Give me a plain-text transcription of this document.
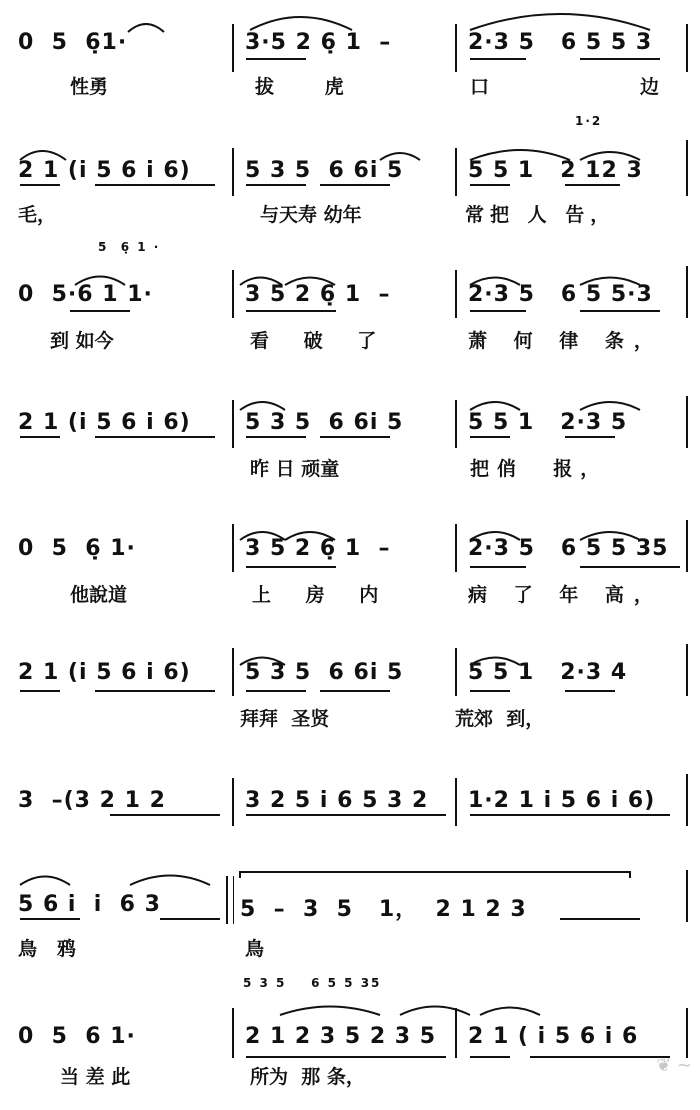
0  5  6̣1·	3·5 2 6̣ 1  –	2·3 5   6 5 5 3
性勇	拔 虎	口	边
1·2
2 1 (i 5 6 i 6) 5 3 5  6 6i 5	5 5 1   2 12 3
毛，	与天寿 幼年	常把 人 告，
5  6̣ 1 ·
0  5·6 1 1·	3 5 2 6̣ 1  –	2·3 5   6 5 5·3
到 如今	看 破 了	萧 何 律 条，
2 1 (i 5 6 i 6) 5 3 5  6 6i 5	5 5 1   2·3 5
昨 日 顽童	把俏  报，
0  5  6̣ 1·	3 5 2 6̣ 1  –	2·3 5   6 5 5 35
他說道	上 房 内	病 了 年 高，
2 1 (i 5 6 i 6) 5 3 5  6 6i 5	5 5 1   2·3 4
拜拜  圣贤	荒郊  到，
3  –(3 2 1 2	3 2 5 i 6 5 3 2 1·2 1 i 5 6 i 6)
5 6 i  i  6 3	5  –  3  5   1，  2 1 2 3
鳥   鸦	鳥
5 3 5    6 5 5 35
0  5  6 1·	2 1 2 3 5 2 3 5 2 1 ( i 5 6 i 6
当 差 此	所为  那 条，
❦ ∼
